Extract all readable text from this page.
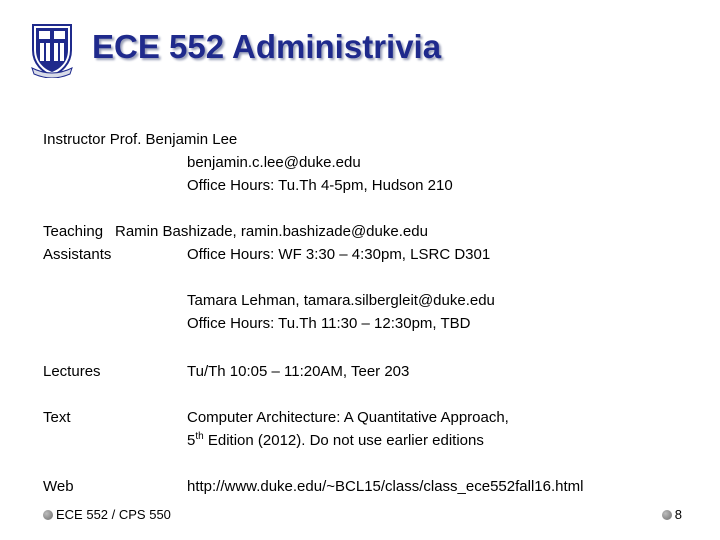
ECE 552 Administrivia
Instructor Prof. Benjamin Lee
benjamin.c.lee@duke.edu
Office Hours: Tu.Th 4-5pm, Hudson 210
Teaching Ramin Bashizade, ramin.bashizade@duke.edu
Assistants	Office Hours: WF 3:30 – 4:30pm, LSRC D301
Tamara Lehman, tamara.silbergleit@duke.edu
Office Hours: Tu.Th 11:30 – 12:30pm, TBD
Lectures	Tu/Th 10:05 – 11:20AM, Teer 203
Text	Computer Architecture: A Quantitative Approach,
5th Edition (2012). Do not use earlier editions
Web	http://www.duke.edu/~BCL15/class/class_ece552fall16.html
ECE 552 / CPS 550	8
